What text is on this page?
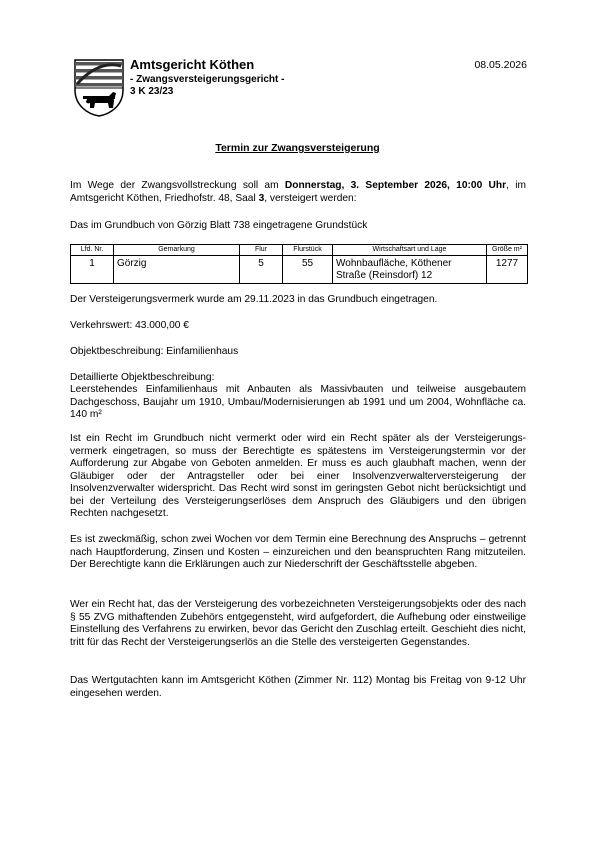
Amtsgericht Köthen
- Zwangsversteigerungsgericht -
3 K 23/23
08.05.2026
Termin zur Zwangsversteigerung
Im Wege der Zwangsvollstreckung soll am Donnerstag, 3. September 2026, 10:00 Uhr, im Amtsgericht Köthen, Friedhofstr. 48, Saal 3, versteigert werden:
Das im Grundbuch von Görzig Blatt 738 eingetragene Grundstück
Lfd. Nr.	Gemarkung	Flur	Flurstück	Wirtschaftsart und Lage	Größe m²
1	Görzig	5	55	Wohnbaufläche, Köthener Straße (Reinsdorf) 12	1277
Der Versteigerungsvermerk wurde am 29.11.2023 in das Grundbuch eingetragen.
Verkehrswert: 43.000,00 €
Objektbeschreibung: Einfamilienhaus
Detaillierte Objektbeschreibung:
Leerstehendes Einfamilienhaus mit Anbauten als Massivbauten und teilweise ausgebautem Dachgeschoss, Baujahr um 1910, Umbau/Modernisierungen ab 1991 und um 2004, Wohnfläche ca. 140 m²
Ist ein Recht im Grundbuch nicht vermerkt oder wird ein Recht später als der Versteigerungs-vermerk eingetragen, so muss der Berechtigte es spätestens im Versteigerungstermin vor der Aufforderung zur Abgabe von Geboten anmelden. Er muss es auch glaubhaft machen, wenn der Gläubiger oder der Antragsteller oder bei einer Insolvenzverwalterversteigerung der Insolvenzverwalter widerspricht. Das Recht wird sonst im geringsten Gebot nicht berücksichtigt und bei der Verteilung des Versteigerungserlöses dem Anspruch des Gläubigers und den übrigen Rechten nachgesetzt.
Es ist zweckmäßig, schon zwei Wochen vor dem Termin eine Berechnung des Anspruchs – getrennt nach Hauptforderung, Zinsen und Kosten – einzureichen und den beanspruchten Rang mitzuteilen. Der Berechtigte kann die Erklärungen auch zur Niederschrift der Geschäftsstelle abgeben.
Wer ein Recht hat, das der Versteigerung des vorbezeichneten Versteigerungsobjekts oder des nach § 55 ZVG mithaftenden Zubehörs entgegensteht, wird aufgefordert, die Aufhebung oder einstweilige Einstellung des Verfahrens zu erwirken, bevor das Gericht den Zuschlag erteilt. Geschieht dies nicht, tritt für das Recht der Versteigerungserlös an die Stelle des versteigerten Gegenstandes.
Das Wertgutachten kann im Amtsgericht Köthen (Zimmer Nr. 112) Montag bis Freitag von 9-12 Uhr eingesehen werden.
